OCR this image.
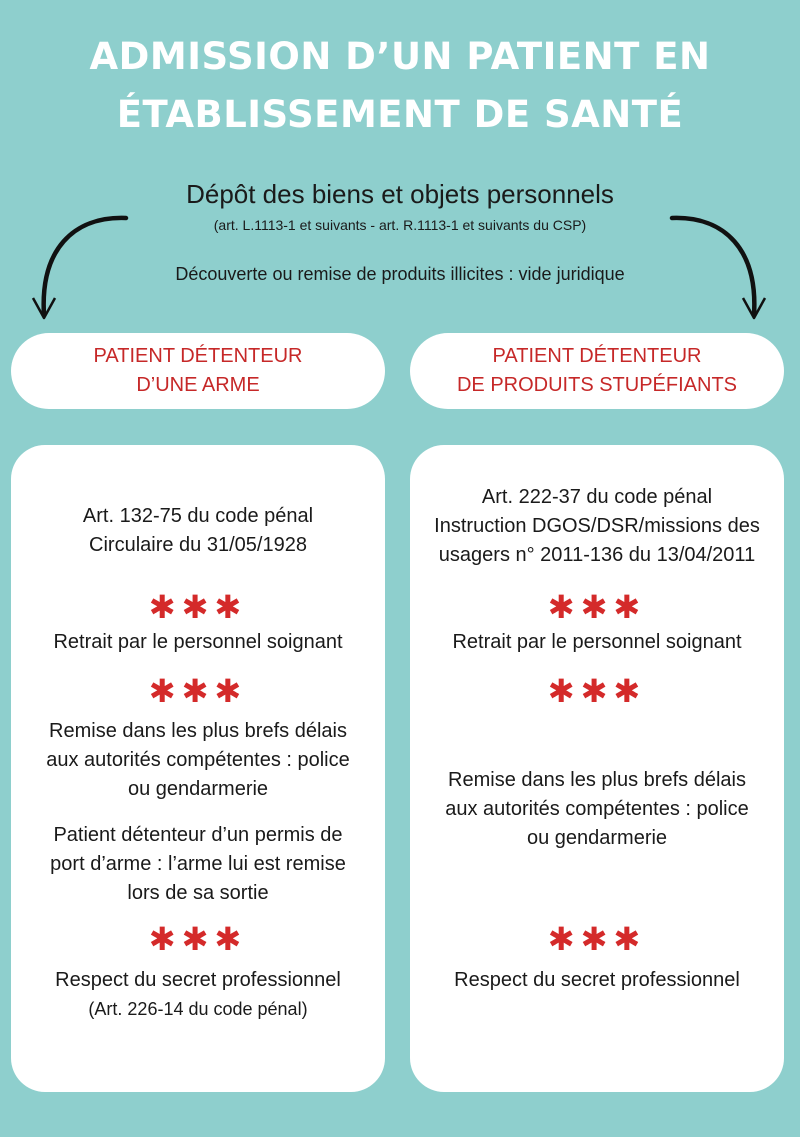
ADMISSION D’UN PATIENT EN
ÉTABLISSEMENT DE SANTÉ
Dépôt des biens et objets personnels
(art. L.1113-1 et suivants - art. R.1113-1 et suivants du CSP)
Découverte ou remise de produits illicites : vide juridique
PATIENT DÉTENTEUR
D’UNE ARME
PATIENT DÉTENTEUR
DE PRODUITS STUPÉFIANTS
Art. 132-75 du code pénal
Circulaire du 31/05/1928
✱✱✱
Retrait par le personnel soignant
✱✱✱
Remise dans les plus brefs délais
aux autorités compétentes : police
ou gendarmerie
Patient détenteur d’un permis de
port d’arme : l’arme lui est remise
lors de sa sortie
✱✱✱
Respect du secret professionnel
(Art. 226-14 du code pénal)
Art. 222-37 du code pénal
Instruction DGOS/DSR/missions des
usagers n° 2011-136 du 13/04/2011
✱✱✱
Retrait par le personnel soignant
✱✱✱
Remise dans les plus brefs délais
aux autorités compétentes : police
ou gendarmerie
✱✱✱
Respect du secret professionnel
